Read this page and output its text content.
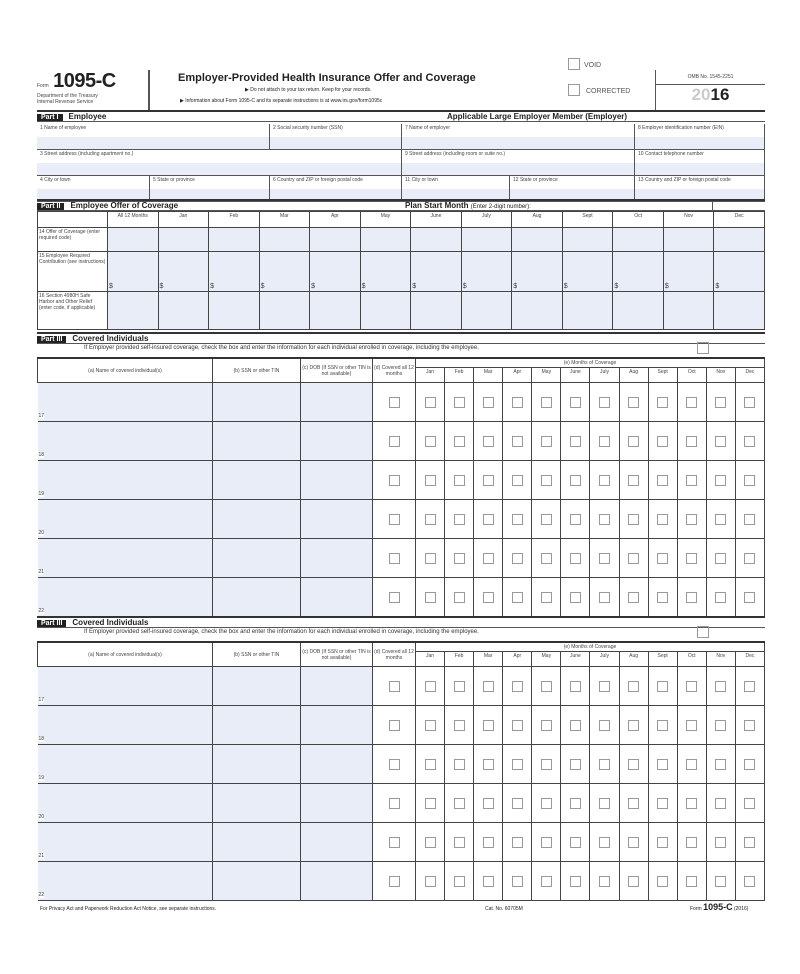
Form 1095-C
Department of the Treasury
Internal Revenue Service
Employer-Provided Health Insurance Offer and Coverage
▶ Do not attach to your tax return. Keep for your records.
▶ Information about Form 1095-C and its separate instructions is at www.irs.gov/form1095c
VOID
CORRECTED
OMB No. 1545-2251
2016
Part I Employee	Applicable Large Employer Member (Employer)
1 Name of employee	2 Social security number (SSN)
3 Street address (including apartment no.)
4 City or town	5 State or province	6 Country and ZIP or foreign postal code
7 Name of employer	8 Employer identification number (EIN)
9 Street address (including room or suite no.)	10 Contact telephone number
11 City or town	12 State or province	13 Country and ZIP or foreign postal code
Part II Employee Offer of Coverage	Plan Start Month (Enter 2-digit number):
	All 12 Months	Jan	Feb	Mar	Apr	May	June	July	Aug	Sept	Oct	Nov	Dec
14 Offer of Coverage (enter required code)													
15 Employee Required Contribution (see instructions)	$	$	$	$	$	$	$	$	$	$	$	$	$
16 Section 4980H Safe Harbor and Other Relief (enter code, if applicable)													
Part III Covered Individuals
If Employer provided self-insured coverage, check the box and enter the information for each individual enrolled in coverage, including the employee.
(a) Name of covered individual(s)	(b) SSN or other TIN	(c) DOB (If SSN or other TIN is not available)	(d) Covered all 12 months	(e) Months of Coverage											
				Jan	Feb	Mar	Apr	May	June	July	Aug	Sept	Oct	Nov	Dec

17															

18															

19															

20															

21															

22															

Part III Covered Individuals
If Employer provided self-insured coverage, check the box and enter the information for each individual enrolled in coverage, including the employee.
(a) Name of covered individual(s)	(b) SSN or other TIN	(c) DOB (If SSN or other TIN is not available)	(d) Covered all 12 months	(e) Months of Coverage											
				Jan	Feb	Mar	Apr	May	June	July	Aug	Sept	Oct	Nov	Dec

17															

18															

19															

20															

21															

22															

For Privacy Act and Paperwork Reduction Act Notice, see separate instructions.	Cat. No. 60705M	Form 1095-C (2016)
